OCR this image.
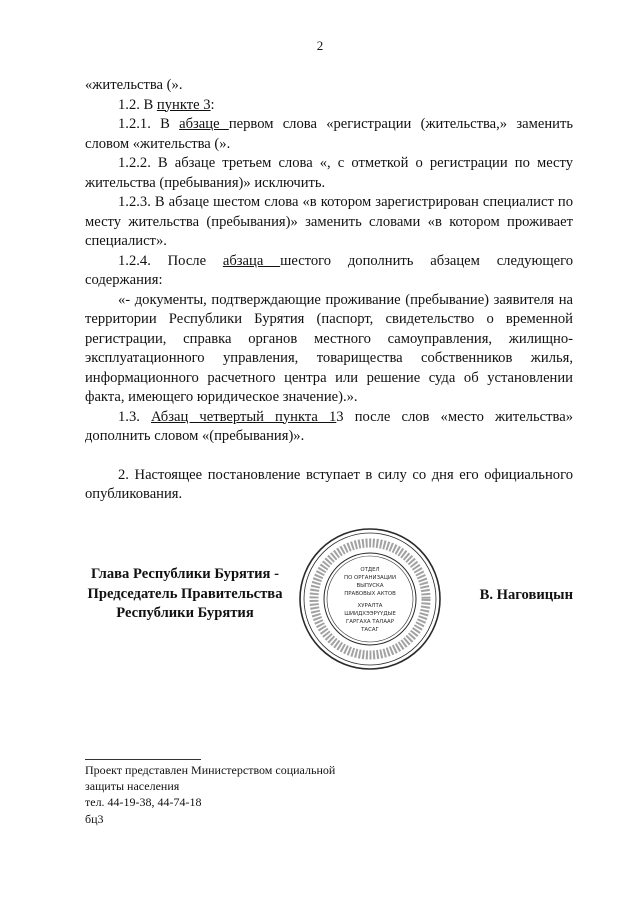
2

«жительства (».

1.2. В пункте 3:

1.2.1. В абзаце первом слова «регистрации (жительства,» заменить словом «жительства (».

1.2.2. В абзаце третьем слова «, с отметкой о регистрации по месту жительства (пребывания)» исключить.

1.2.3. В абзаце шестом слова «в котором зарегистрирован специалист по месту жительства (пребывания)» заменить словами «в котором проживает специалист».

1.2.4. После абзаца шестого дополнить абзацем следующего содержания:

«- документы, подтверждающие проживание (пребывание) заявителя на территории Республики Бурятия (паспорт, свидетельство о временной регистрации, справка органов местного самоуправления, жилищно-эксплуатационного управления, товарищества собственников жилья, информационного расчетного центра или решение суда об установлении факта, имеющего юридическое значение).».

1.3. Абзац четвертый пункта 13 после слов «место жительства» дополнить словом «(пребывания)».

2. Настоящее постановление вступает в силу со дня его официального опубликования.

Глава Республики Бурятия -
Председатель Правительства
Республики Бурятия
ОТДЕЛ
ПО ОРГАНИЗАЦИИ
ВЫПУСКА
ПРАВОВЫХ АКТОВ
ХУРАЛТА
ШИИДХЭЭРҮҮДЫЕ
ГАРГАХА ТАЛААР
ТАСАГ
В. Наговицын
Проект представлен Министерством социальной
защиты населения
тел. 44-19-38, 44-74-18
бц3
